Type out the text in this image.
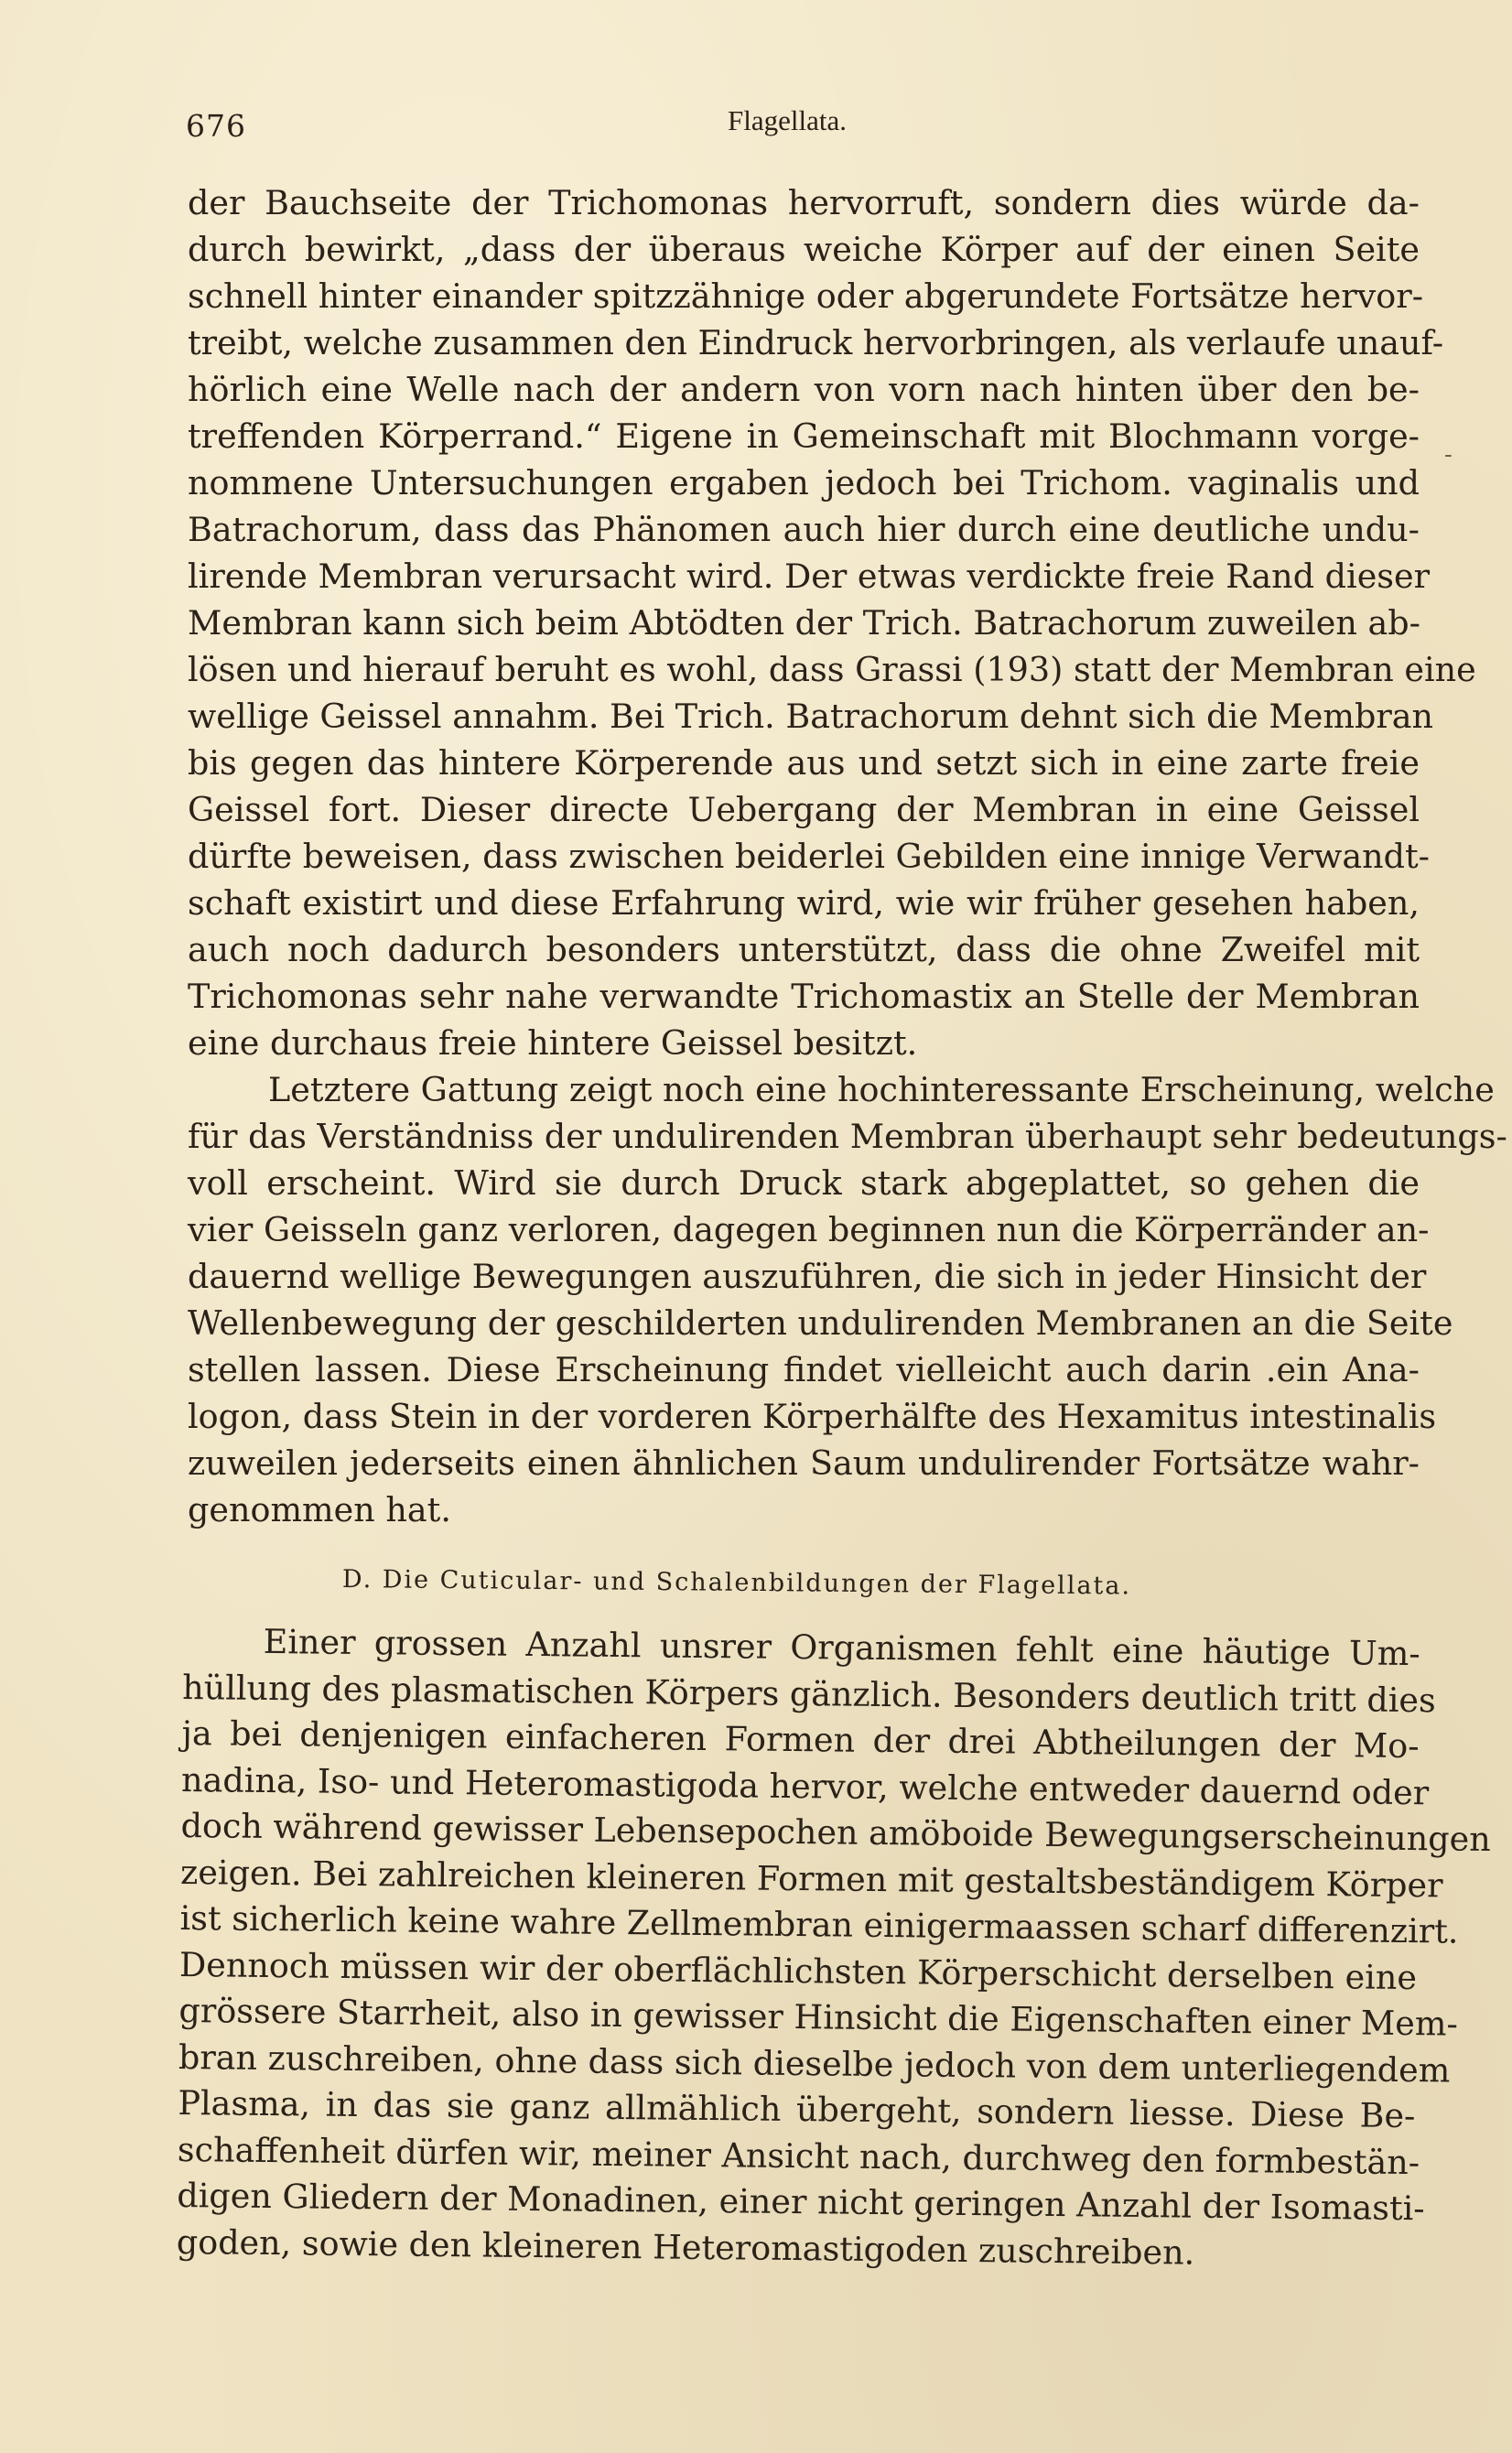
676	Flagellata.
-
der Bauchseite der Trichomonas hervorruft, sondern dies würde da-
durch bewirkt, „dass der überaus weiche Körper auf der einen Seite
schnell hinter einander spitzzähnige oder abgerundete Fortsätze hervor-
treibt, welche zusammen den Eindruck hervorbringen, als verlaufe unauf-
hörlich eine Welle nach der andern von vorn nach hinten über den be-
treffenden Körperrand.“ Eigene in Gemeinschaft mit Blochmann vorge-
nommene Untersuchungen ergaben jedoch bei Trichom. vaginalis und
Batrachorum, dass das Phänomen auch hier durch eine deutliche undu-
lirende Membran verursacht wird. Der etwas verdickte freie Rand dieser
Membran kann sich beim Abtödten der Trich. Batrachorum zuweilen ab-
lösen und hierauf beruht es wohl, dass Grassi (193) statt der Membran eine
wellige Geissel annahm. Bei Trich. Batrachorum dehnt sich die Membran
bis gegen das hintere Körperende aus und setzt sich in eine zarte freie
Geissel fort. Dieser directe Uebergang der Membran in eine Geissel
dürfte beweisen, dass zwischen beiderlei Gebilden eine innige Verwandt-
schaft existirt und diese Erfahrung wird, wie wir früher gesehen haben,
auch noch dadurch besonders unterstützt, dass die ohne Zweifel mit
Trichomonas sehr nahe verwandte Trichomastix an Stelle der Membran
eine durchaus freie hintere Geissel besitzt.
Letztere Gattung zeigt noch eine hochinteressante Erscheinung, welche
für das Verständniss der undulirenden Membran überhaupt sehr bedeutungs-
voll erscheint. Wird sie durch Druck stark abgeplattet, so gehen die
vier Geisseln ganz verloren, dagegen beginnen nun die Körperränder an-
dauernd wellige Bewegungen auszuführen, die sich in jeder Hinsicht der
Wellenbewegung der geschilderten undulirenden Membranen an die Seite
stellen lassen. Diese Erscheinung findet vielleicht auch darin .ein Ana-
logon, dass Stein in der vorderen Körperhälfte des Hexamitus intestinalis
zuweilen jederseits einen ähnlichen Saum undulirender Fortsätze wahr-
genommen hat.
D. Die Cuticular- und Schalenbildungen der Flagellata.
Einer grossen Anzahl unsrer Organismen fehlt eine häutige Um-
hüllung des plasmatischen Körpers gänzlich. Besonders deutlich tritt dies
ja bei denjenigen einfacheren Formen der drei Abtheilungen der Mo-
nadina, Iso- und Heteromastigoda hervor, welche entweder dauernd oder
doch während gewisser Lebensepochen amöboide Bewegungserscheinungen
zeigen. Bei zahlreichen kleineren Formen mit gestaltsbeständigem Körper
ist sicherlich keine wahre Zellmembran einigermaassen scharf differenzirt.
Dennoch müssen wir der oberflächlichsten Körperschicht derselben eine
grössere Starrheit, also in gewisser Hinsicht die Eigenschaften einer Mem-
bran zuschreiben, ohne dass sich dieselbe jedoch von dem unterliegendem
Plasma, in das sie ganz allmählich übergeht, sondern liesse. Diese Be-
schaffenheit dürfen wir, meiner Ansicht nach, durchweg den formbestän-
digen Gliedern der Monadinen, einer nicht geringen Anzahl der Isomasti-
goden, sowie den kleineren Heteromastigoden zuschreiben.
